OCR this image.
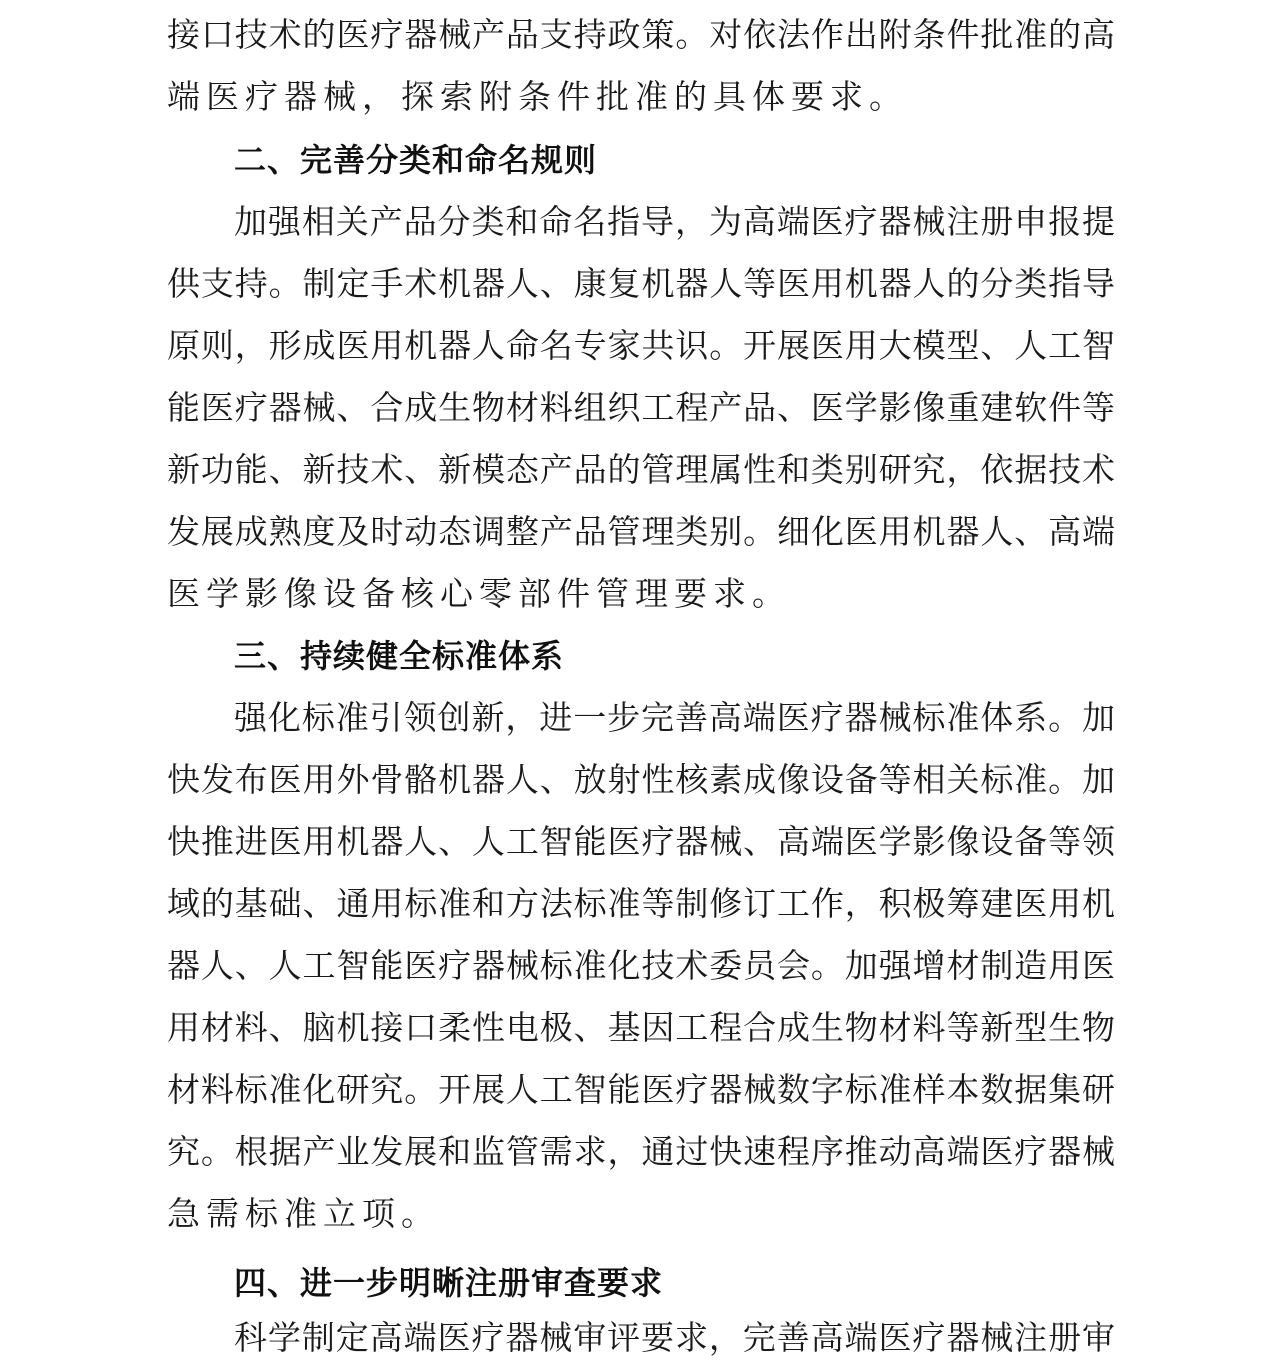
接口技术的医疗器械产品支持政策。对依法作出附条件批准的高
端医疗器械，探索附条件批准的具体要求。
二、完善分类和命名规则
加强相关产品分类和命名指导，为高端医疗器械注册申报提
供支持。制定手术机器人、康复机器人等医用机器人的分类指导
原则，形成医用机器人命名专家共识。开展医用大模型、人工智
能医疗器械、合成生物材料组织工程产品、医学影像重建软件等
新功能、新技术、新模态产品的管理属性和类别研究，依据技术
发展成熟度及时动态调整产品管理类别。细化医用机器人、高端
医学影像设备核心零部件管理要求。
三、持续健全标准体系
强化标准引领创新，进一步完善高端医疗器械标准体系。加
快发布医用外骨骼机器人、放射性核素成像设备等相关标准。加
快推进医用机器人、人工智能医疗器械、高端医学影像设备等领
域的基础、通用标准和方法标准等制修订工作，积极筹建医用机
器人、人工智能医疗器械标准化技术委员会。加强增材制造用医
用材料、脑机接口柔性电极、基因工程合成生物材料等新型生物
材料标准化研究。开展人工智能医疗器械数字标准样本数据集研
究。根据产业发展和监管需求，通过快速程序推动高端医疗器械
急需标准立项。
四、进一步明晰注册审查要求
科学制定高端医疗器械审评要求，完善高端医疗器械注册审
